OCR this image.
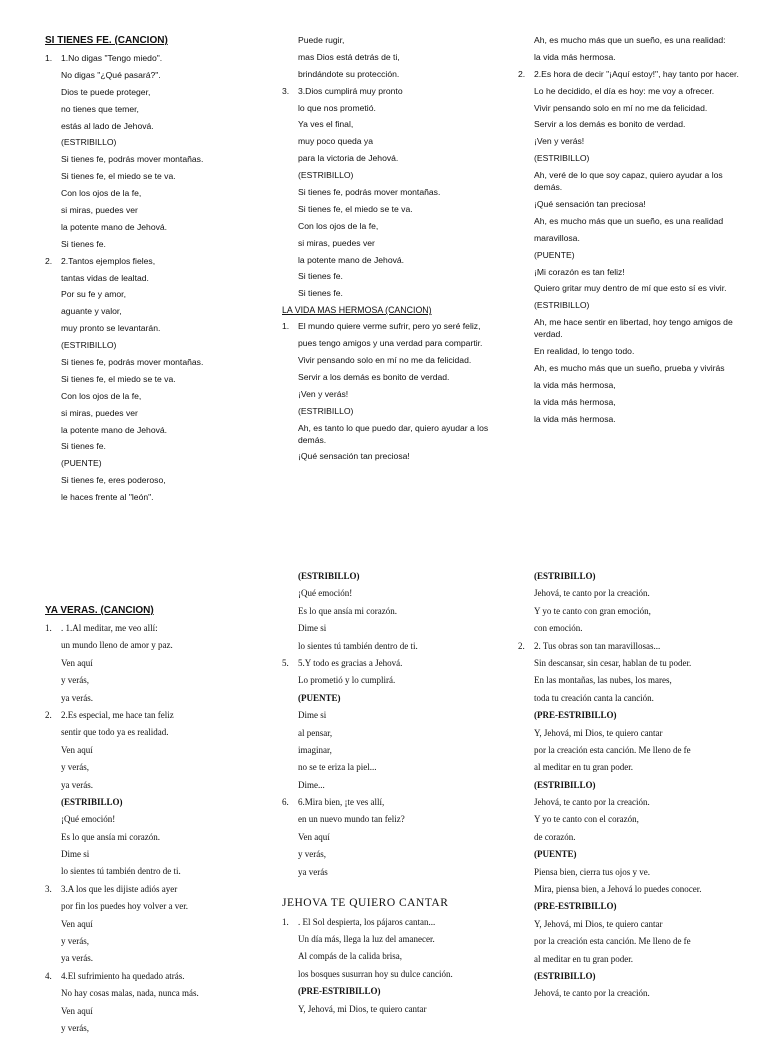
SI TIENES FE. (CANCION)
1. 1.No digas "Tengo miedo".
No digas "¿Qué pasará?".
Dios te puede proteger,
no tienes que temer,
estás al lado de Jehová.
(ESTRIBILLO)
Si tienes fe, podrás mover montañas.
Si tienes fe, el miedo se te va.
Con los ojos de la fe,
si miras, puedes ver
la potente mano de Jehová.
Si tienes fe.
2. 2.Tantos ejemplos fieles,
tantas vidas de lealtad.
Por su fe y amor,
aguante y valor,
muy pronto se levantarán.
(ESTRIBILLO)
Si tienes fe, podrás mover montañas.
Si tienes fe, el miedo se te va.
Con los ojos de la fe,
si miras, puedes ver
la potente mano de Jehová.
Si tienes fe.
(PUENTE)
Si tienes fe, eres poderoso,
le haces frente al "león".
Puede rugir,
mas Dios está detrás de ti,
brindándote su protección.
3. 3.Dios cumplirá muy pronto
lo que nos prometió.
Ya ves el final,
muy poco queda ya
para la victoria de Jehová.
(ESTRIBILLO)
Si tienes fe, podrás mover montañas.
Si tienes fe, el miedo se te va.
Con los ojos de la fe,
si miras, puedes ver
la potente mano de Jehová.
Si tienes fe.
Si tienes fe.
LA VIDA MAS HERMOSA (CANCION)
1. El mundo quiere verme sufrir, pero yo seré feliz,
pues tengo amigos y una verdad para compartir.
Vivir pensando solo en mí no me da felicidad.
Servir a los demás es bonito de verdad.
¡Ven y verás!
(ESTRIBILLO)
Ah, es tanto lo que puedo dar, quiero ayudar a los demás.
¡Qué sensación tan preciosa!
Ah, es mucho más que un sueño, es una realidad:
la vida más hermosa.
2. 2.Es hora de decir "¡Aquí estoy!", hay tanto por hacer.
Lo he decidido, el día es hoy: me voy a ofrecer.
Vivir pensando solo en mí no me da felicidad.
Servir a los demás es bonito de verdad.
¡Ven y verás!
(ESTRIBILLO)
Ah, veré de lo que soy capaz, quiero ayudar a los demás.
¡Qué sensación tan preciosa!
Ah, es mucho más que un sueño, es una realidad
maravillosa.
(PUENTE)
¡Mi corazón es tan feliz!
Quiero gritar muy dentro de mí que esto sí es vivir.
(ESTRIBILLO)
Ah, me hace sentir en libertad, hoy tengo amigos de verdad.
En realidad, lo tengo todo.
Ah, es mucho más que un sueño, prueba y vivirás
la vida más hermosa,
la vida más hermosa,
la vida más hermosa.
YA VERAS. (CANCION)
1. . 1.Al meditar, me veo allí:
un mundo lleno de amor y paz.
Ven aquí
y verás,
ya verás.
2. 2.Es especial, me hace tan feliz
sentir que todo ya es realidad.
Ven aquí
y verás,
ya verás.
(ESTRIBILLO)
¡Qué emoción!
Es lo que ansía mi corazón.
Dime si
lo sientes tú también dentro de ti.
3. 3.A los que les dijiste adiós ayer
por fin los puedes hoy volver a ver.
Ven aquí
y verás,
ya verás.
4. 4.El sufrimiento ha quedado atrás.
No hay cosas malas, nada, nunca más.
Ven aquí
y verás,
(ESTRIBILLO)
¡Qué emoción!
Es lo que ansía mi corazón.
Dime si
lo sientes tú también dentro de ti.
5. 5.Y todo es gracias a Jehová.
Lo prometió y lo cumplirá.
(PUENTE)
Dime si
al pensar,
imaginar,
no se te eriza la piel...
Dime...
6. 6.Mira bien, ¡te ves allí,
en un nuevo mundo tan feliz?
Ven aquí
y verás,
ya verás
JEHOVA TE QUIERO CANTAR
1. . El Sol despierta, los pájaros cantan...
Un día más, llega la luz del amanecer.
Al compás de la calida brisa,
los bosques susurran hoy su dulce canción.
(PRE-ESTRIBILLO)
Y, Jehová, mi Dios, te quiero cantar
(ESTRIBILLO)
Jehová, te canto por la creación.
Y yo te canto con gran emoción,
con emoción.
2. 2. Tus obras son tan maravillosas...
Sin descansar, sin cesar, hablan de tu poder.
En las montañas, las nubes, los mares,
toda tu creación canta la canción.
(PRE-ESTRIBILLO)
Y, Jehová, mi Dios, te quiero cantar
por la creación esta canción. Me lleno de fe
al meditar en tu gran poder.
(ESTRIBILLO)
Jehová, te canto por la creación.
Y yo te canto con el corazón,
de corazón.
(PUENTE)
Piensa bien, cierra tus ojos y ve.
Mira, piensa bien, a Jehová lo puedes conocer.
(PRE-ESTRIBILLO)
Y, Jehová, mi Dios, te quiero cantar
por la creación esta canción. Me lleno de fe
al meditar en tu gran poder.
(ESTRIBILLO)
Jehová, te canto por la creación.
